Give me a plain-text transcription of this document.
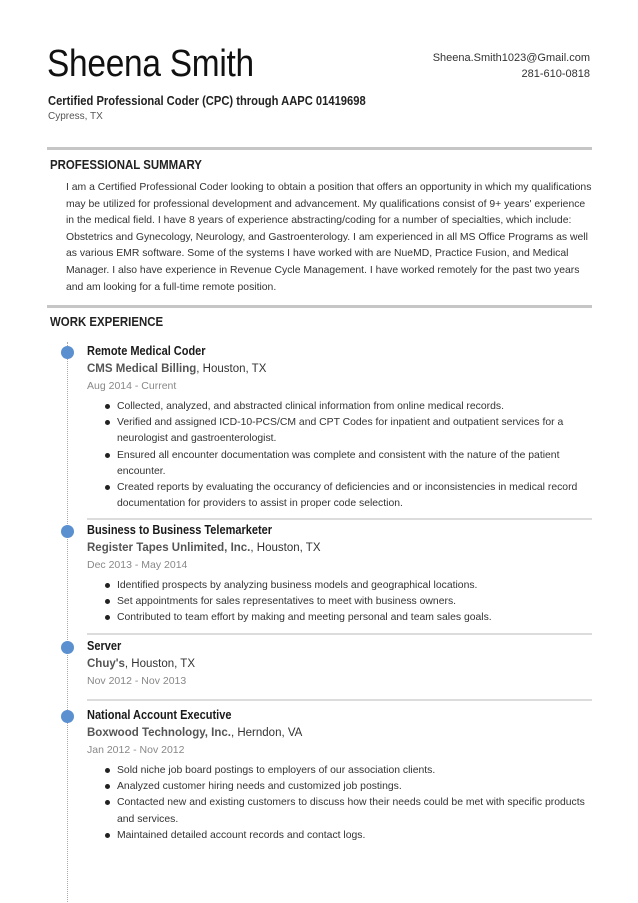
Sheena Smith
Certified Professional Coder (CPC) through AAPC 01419698
Cypress, TX
Sheena.Smith1023@Gmail.com
281-610-0818
PROFESSIONAL SUMMARY

I am a Certified Professional Coder looking to obtain a position that offers an opportunity in which my qualifications may be utilized for professional development and advancement. My qualifications consist of 9+ years' experience in the medical field. I have 8 years of experience abstracting/coding for a number of specialties, which include: Obstetrics and Gynecology, Neurology, and Gastroenterology. I am experienced in all MS Office Programs as well as various EMR software. Some of the systems I have worked with are NueMD, Practice Fusion, and Medical Manager. I also have experience in Revenue Cycle Management. I have worked remotely for the past two years and am looking for a full-time remote position.

WORK EXPERIENCE
Remote Medical Coder
CMS Medical Billing, Houston, TX
Aug 2014 - Current
Collected, analyzed, and abstracted clinical information from online medical records.
Verified and assigned ICD-10-PCS/CM and CPT Codes for inpatient and outpatient services for a neurologist and gastroenterologist.
Ensured all encounter documentation was complete and consistent with the nature of the patient encounter.
Created reports by evaluating the occurancy of deficiencies and or inconsistencies in medical record documentation for providers to assist in proper code selection.
Business to Business Telemarketer
Register Tapes Unlimited, Inc., Houston, TX
Dec 2013 - May 2014
Identified prospects by analyzing business models and geographical locations.
Set appointments for sales representatives to meet with business owners.
Contributed to team effort by making and meeting personal and team sales goals.
Server
Chuy's, Houston, TX
Nov 2012 - Nov 2013
National Account Executive
Boxwood Technology, Inc., Herndon, VA
Jan 2012 - Nov 2012
Sold niche job board postings to employers of our association clients.
Analyzed customer hiring needs and customized job postings.
Contacted new and existing customers to discuss how their needs could be met with specific products and services.
Maintained detailed account records and contact logs.
